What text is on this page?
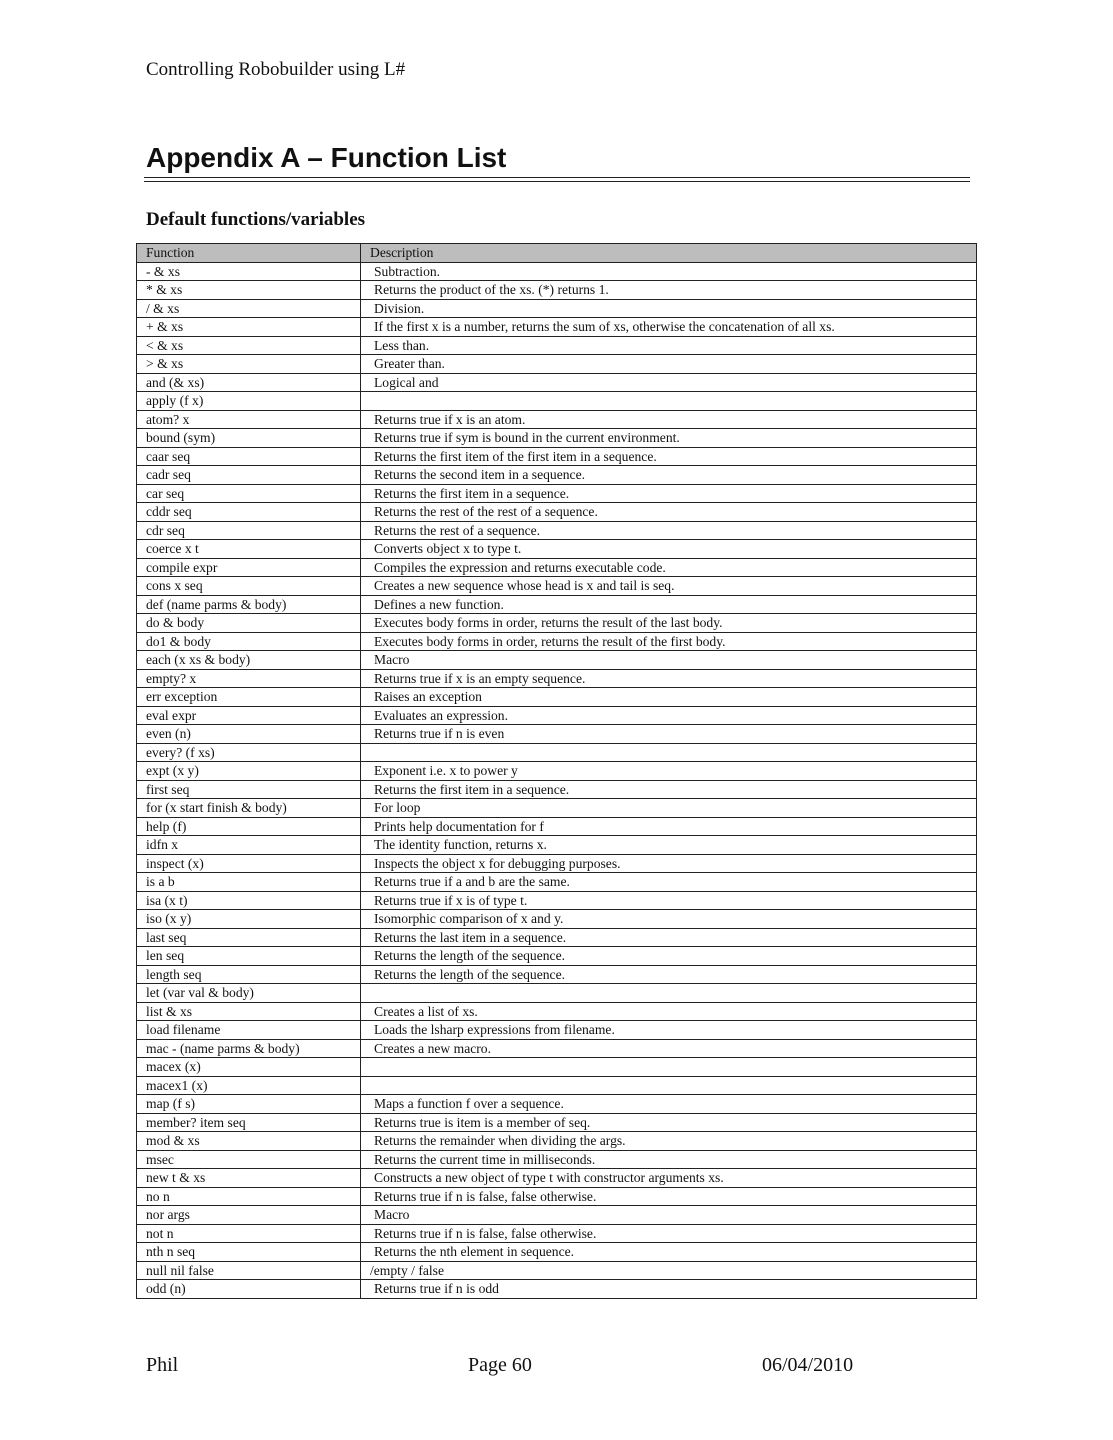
Controlling Robobuilder using L#
Appendix A – Function List
Default functions/variables
Function	Description
- & xs	Subtraction.
* & xs	Returns the product of the xs. (*) returns 1.
/ & xs	Division.
+ & xs	If the first x is a number, returns the sum of xs, otherwise the concatenation of all xs.
< & xs	Less than.
> & xs	Greater than.
and (& xs)	Logical and
apply (f x)	
atom? x	Returns true if x is an atom.
bound (sym)	Returns true if sym is bound in the current environment.
caar seq	Returns the first item of the first item in a sequence.
cadr seq	Returns the second item in a sequence.
car seq	Returns the first item in a sequence.
cddr seq	Returns the rest of the rest of a sequence.
cdr seq	Returns the rest of a sequence.
coerce x t	Converts object x to type t.
compile expr	Compiles the expression and returns executable code.
cons x seq	Creates a new sequence whose head is x and tail is seq.
def (name parms & body)	Defines a new function.
do & body	Executes body forms in order, returns the result of the last body.
do1 & body	Executes body forms in order, returns the result of the first body.
each (x xs & body)	Macro
empty? x	Returns true if x is an empty sequence.
err exception	Raises an exception
eval expr	Evaluates an expression.
even (n)	Returns true if n is even
every? (f xs)	
expt (x y)	Exponent i.e. x to power y
first seq	Returns the first item in a sequence.
for (x start finish & body)	For loop
help (f)	Prints help documentation for f
idfn x	The identity function, returns x.
inspect (x)	Inspects the object x for debugging purposes.
is a b	Returns true if a and b are the same.
isa (x t)	Returns true if x is of type t.
iso (x y)	Isomorphic comparison of x and y.
last seq	Returns the last item in a sequence.
len seq	Returns the length of the sequence.
length seq	Returns the length of the sequence.
let (var val & body)	
list & xs	Creates a list of xs.
load filename	Loads the lsharp expressions from filename.
mac - (name parms & body)	Creates a new macro.
macex (x)	
macex1 (x)	
map (f s)	Maps a function f over a sequence.
member? item seq	Returns true is item is a member of seq.
mod & xs	Returns the remainder when dividing the args.
msec	Returns the current time in milliseconds.
new t & xs	Constructs a new object of type t with constructor arguments xs.
no n	Returns true if n is false, false otherwise.
nor args	Macro
not n	Returns true if n is false, false otherwise.
nth n seq	Returns the nth element in sequence.
null nil false	/empty / false
odd (n)	Returns true if n is odd
Phil	Page 60	06/04/2010
